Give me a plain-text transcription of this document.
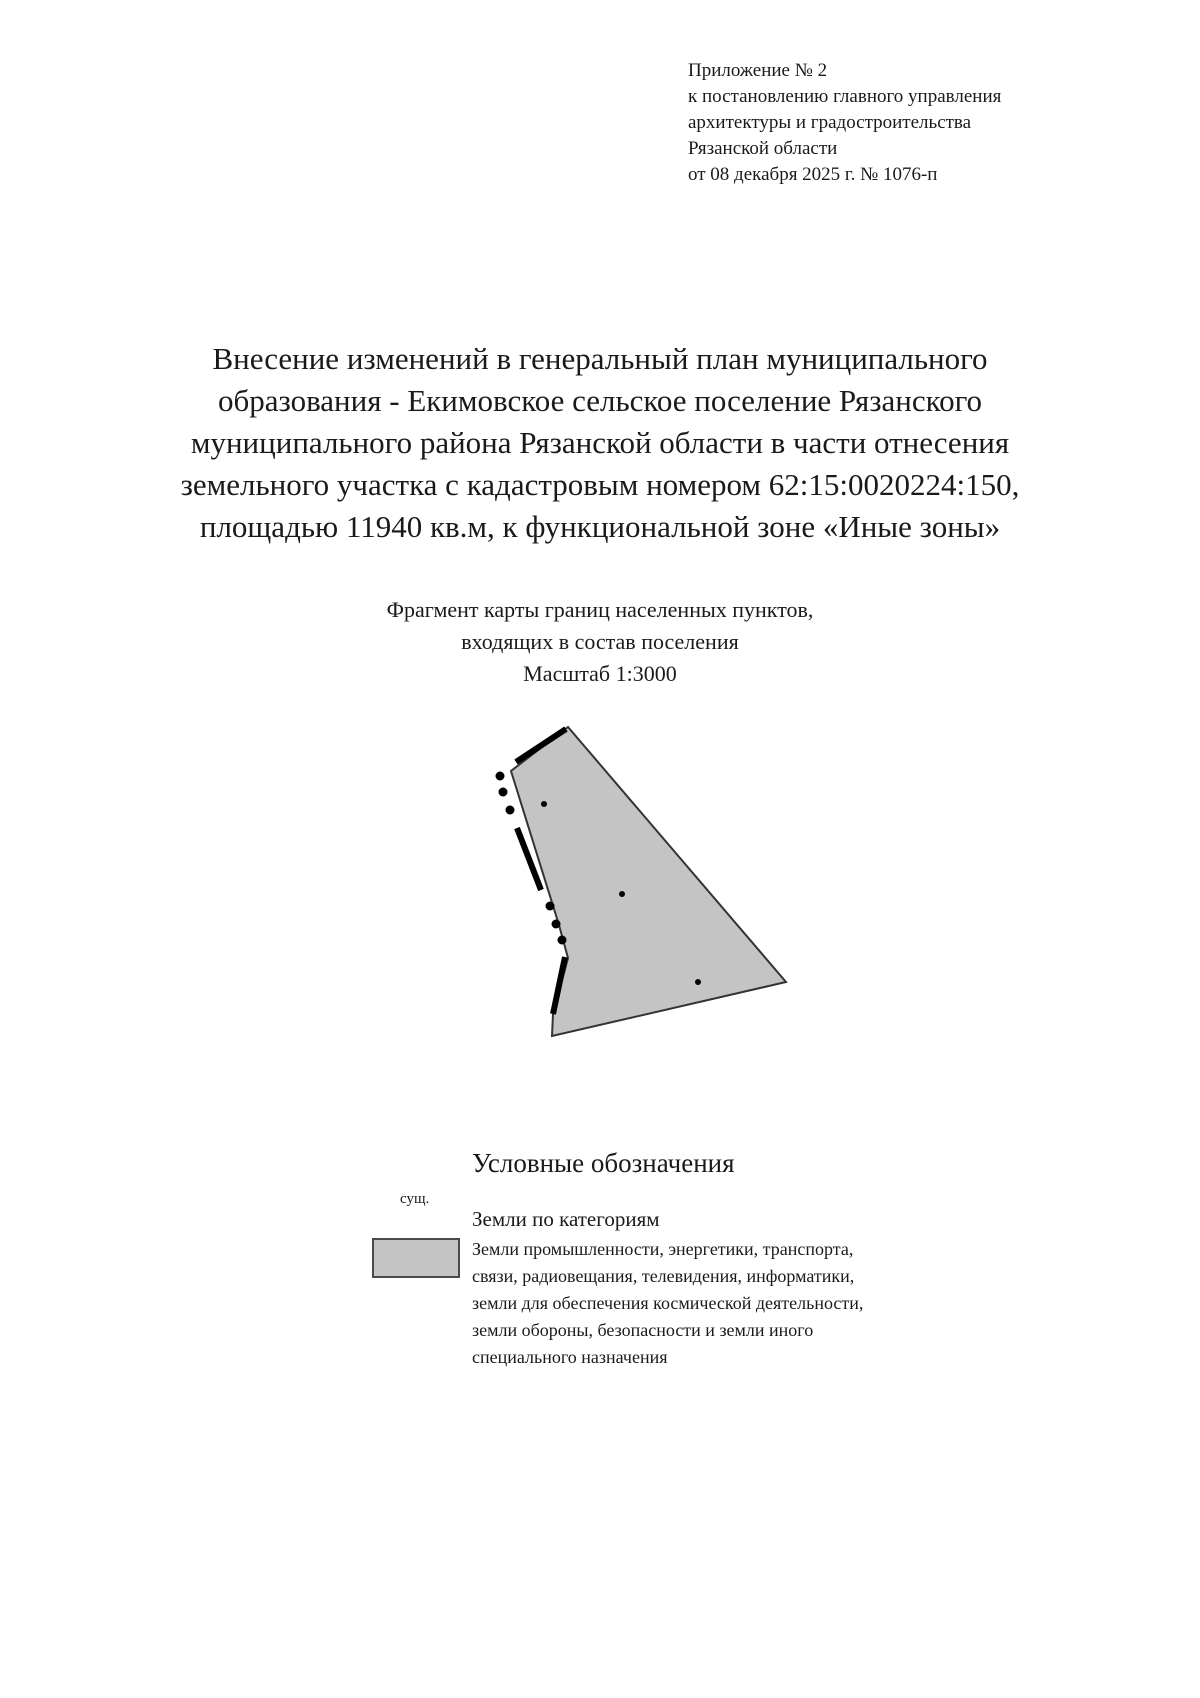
Приложение № 2
к постановлению главного управления
архитектуры и градостроительства
Рязанской области
от 08 декабря 2025 г. № 1076-п
Внесение изменений в генеральный план муниципального
образования - Екимовское сельское поселение Рязанского
муниципального района Рязанской области в части отнесения
земельного участка с кадастровым номером 62:15:0020224:150,
площадью 11940 кв.м, к функциональной зоне «Иные зоны»
Фрагмент карты границ населенных пунктов,
входящих в состав поселения
Масштаб 1:3000
Условные обозначения
сущ.
Земли по категориям
Земли промышленности, энергетики, транспорта,
связи, радиовещания, телевидения, информатики,
земли для обеспечения космической деятельности,
земли обороны, безопасности и земли иного
специального назначения
